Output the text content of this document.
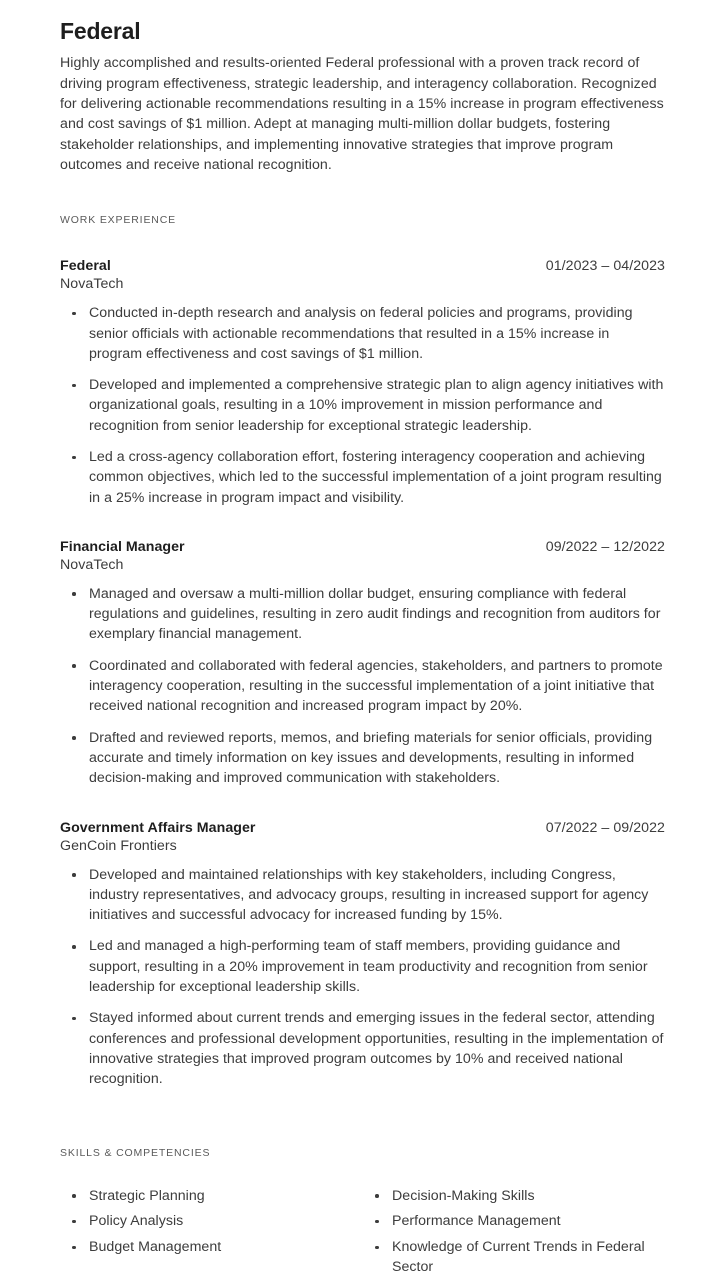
Federal

Highly accomplished and results-oriented Federal professional with a proven track record of driving program effectiveness, strategic leadership, and interagency collaboration. Recognized for delivering actionable recommendations resulting in a 15% increase in program effectiveness and cost savings of $1 million. Adept at managing multi-million dollar budgets, fostering stakeholder relationships, and implementing innovative strategies that improve program outcomes and receive national recognition.

WORK EXPERIENCE
Federal	01/2023 – 04/2023
NovaTech
Conducted in-depth research and analysis on federal policies and programs, providing senior officials with actionable recommendations that resulted in a 15% increase in program effectiveness and cost savings of $1 million.
Developed and implemented a comprehensive strategic plan to align agency initiatives with organizational goals, resulting in a 10% improvement in mission performance and recognition from senior leadership for exceptional strategic leadership.
Led a cross-agency collaboration effort, fostering interagency cooperation and achieving common objectives, which led to the successful implementation of a joint program resulting in a 25% increase in program impact and visibility.
Financial Manager	09/2022 – 12/2022
NovaTech
Managed and oversaw a multi-million dollar budget, ensuring compliance with federal regulations and guidelines, resulting in zero audit findings and recognition from auditors for exemplary financial management.
Coordinated and collaborated with federal agencies, stakeholders, and partners to promote interagency cooperation, resulting in the successful implementation of a joint initiative that received national recognition and increased program impact by 20%.
Drafted and reviewed reports, memos, and briefing materials for senior officials, providing accurate and timely information on key issues and developments, resulting in informed decision-making and improved communication with stakeholders.
Government Affairs Manager	07/2022 – 09/2022
GenCoin Frontiers
Developed and maintained relationships with key stakeholders, including Congress, industry representatives, and advocacy groups, resulting in increased support for agency initiatives and successful advocacy for increased funding by 15%.
Led and managed a high-performing team of staff members, providing guidance and support, resulting in a 20% improvement in team productivity and recognition from senior leadership for exceptional leadership skills.
Stayed informed about current trends and emerging issues in the federal sector, attending conferences and professional development opportunities, resulting in the implementation of innovative strategies that improved program outcomes by 10% and received national recognition.
SKILLS & COMPETENCIES
Strategic Planning
Policy Analysis
Budget Management
Decision-Making Skills
Performance Management
Knowledge of Current Trends in Federal Sector
